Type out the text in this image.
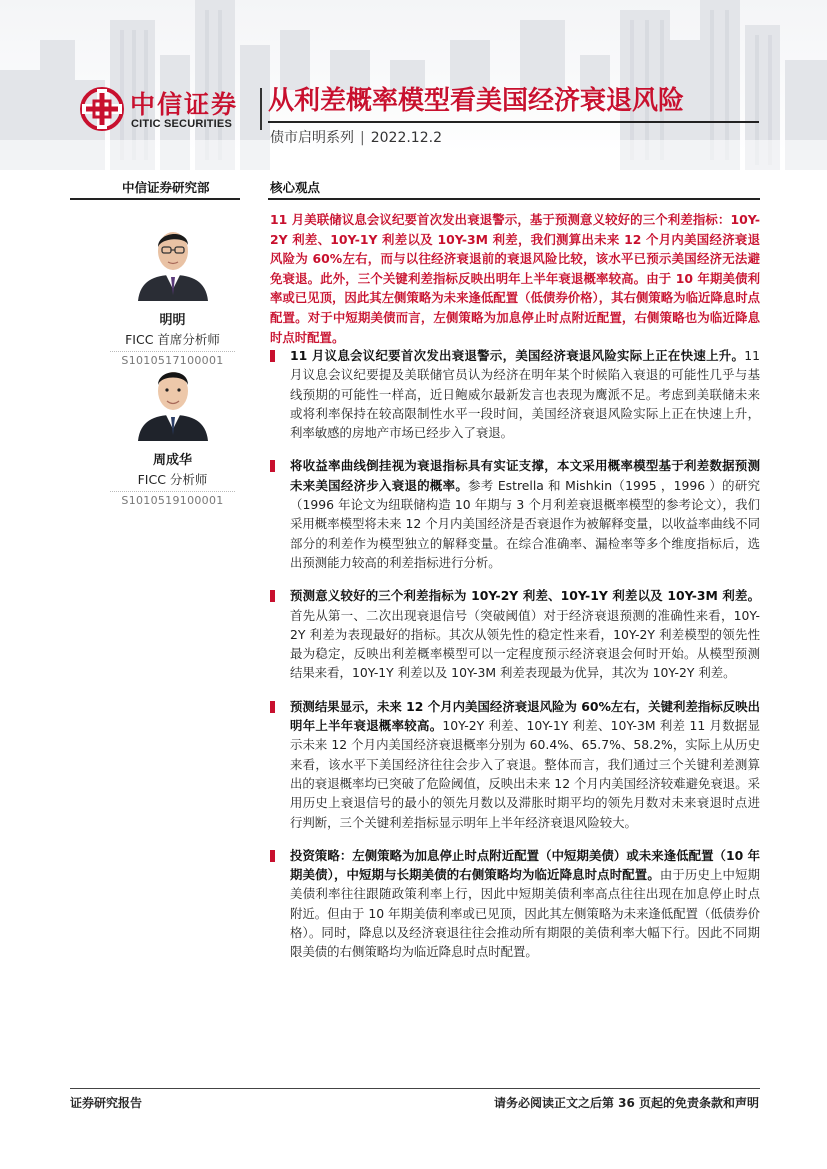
中信证券
CITIC SECURITIES
从利差概率模型看美国经济衰退风险
债市启明系列 | 2022.12.2
中信证券研究部	核心观点
明明
FICC 首席分析师
S1010517100001
周成华
FICC 分析师
S1010519100001

11 月美联储议息会议纪要首次发出衰退警示，基于预测意义较好的三个利差指标：10Y-2Y 利差、10Y-1Y 利差以及 10Y-3M 利差，我们测算出未来 12 个月内美国经济衰退风险为 60%左右，而与以往经济衰退前的衰退风险比较，该水平已预示美国经济无法避免衰退。此外，三个关键利差指标反映出明年上半年衰退概率较高。由于 10 年期美债利率或已见顶，因此其左侧策略为未来逢低配置（低债券价格），其右侧策略为临近降息时点配置。对于中短期美债而言，左侧策略为加息停止时点附近配置，右侧策略也为临近降息时点时配置。

11 月议息会议纪要首次发出衰退警示，美国经济衰退风险实际上正在快速上升。11 月议息会议纪要提及美联储官员认为经济在明年某个时候陷入衰退的可能性几乎与基线预期的可能性一样高，近日鲍威尔最新发言也表现为鹰派不足。考虑到美联储未来或将利率保持在较高限制性水平一段时间，美国经济衰退风险实际上正在快速上升，利率敏感的房地产市场已经步入了衰退。
将收益率曲线倒挂视为衰退指标具有实证支撑，本文采用概率模型基于利差数据预测未来美国经济步入衰退的概率。参考 Estrella 和 Mishkin（1995 ，1996 ）的研究（1996 年论文为纽联储构造 10 年期与 3 个月利差衰退概率模型的参考论文），我们采用概率模型将未来 12 个月内美国经济是否衰退作为被解释变量，以收益率曲线不同部分的利差作为模型独立的解释变量。在综合准确率、漏检率等多个维度指标后，选出预测能力较高的利差指标进行分析。
预测意义较好的三个利差指标为 10Y-2Y 利差、10Y-1Y 利差以及 10Y-3M 利差。首先从第一、二次出现衰退信号（突破阈值）对于经济衰退预测的准确性来看，10Y-2Y 利差为表现最好的指标。其次从领先性的稳定性来看，10Y-2Y 利差模型的领先性最为稳定，反映出利差概率模型可以一定程度预示经济衰退会何时开始。从模型预测结果来看，10Y-1Y 利差以及 10Y-3M 利差表现最为优异，其次为 10Y-2Y 利差。
预测结果显示，未来 12 个月内美国经济衰退风险为 60%左右，关键利差指标反映出明年上半年衰退概率较高。10Y-2Y 利差、10Y-1Y 利差、10Y-3M 利差 11 月数据显示未来 12 个月内美国经济衰退概率分别为 60.4%、65.7%、58.2%，实际上从历史来看，该水平下美国经济往往会步入了衰退。整体而言，我们通过三个关键利差测算出的衰退概率均已突破了危险阈值，反映出未来 12 个月内美国经济较难避免衰退。采用历史上衰退信号的最小的领先月数以及滞胀时期平均的领先月数对未来衰退时点进行判断，三个关键利差指标显示明年上半年经济衰退风险较大。
投资策略：左侧策略为加息停止时点附近配置（中短期美债）或未来逢低配置（10 年期美债），中短期与长期美债的右侧策略均为临近降息时点时配置。由于历史上中短期美债利率往往跟随政策利率上行，因此中短期美债利率高点往往出现在加息停止时点附近。但由于 10 年期美债利率或已见顶，因此其左侧策略为未来逢低配置（低债券价格）。同时，降息以及经济衰退往往会推动所有期限的美债利率大幅下行。因此不同期限美债的右侧策略均为临近降息时点时配置。
证券研究报告	请务必阅读正文之后第 36 页起的免责条款和声明
